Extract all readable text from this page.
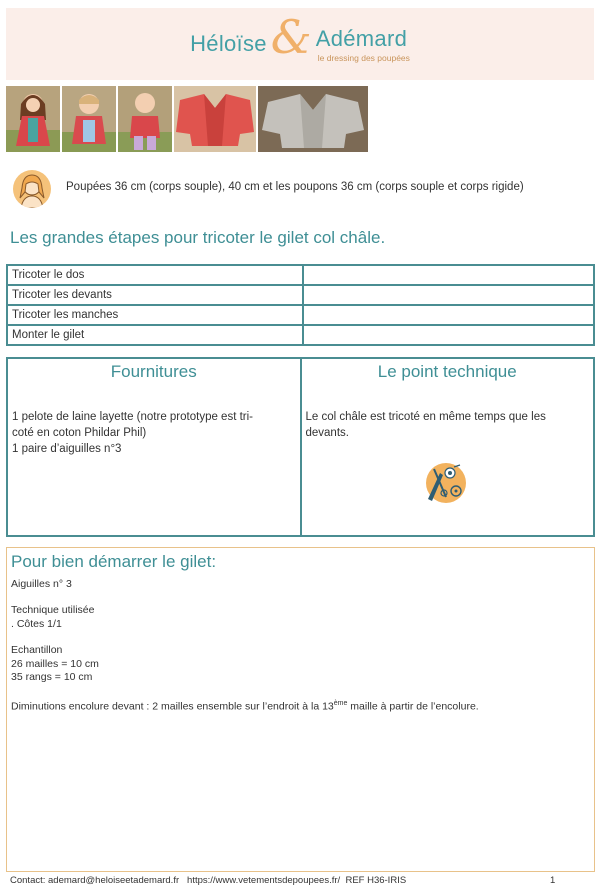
Héloïse & Adémard
le dressing des poupées
Poupées 36 cm (corps souple), 40 cm et les poupons 36 cm (corps souple et corps rigide)
Les grandes étapes pour tricoter le gilet col châle.
Tricoter le dos	
Tricoter les devants	
Tricoter les manches	
Monter le gilet	
Fournitures
1 pelote de laine layette (notre prototype est tri-
coté en coton Phildar Phil)
1 paire d’aiguilles n°3
Le point technique
Le col châle est tricoté en même temps que les
devants.
Pour bien démarrer le gilet:

Aiguilles n° 3

Technique utilisée

. Côtes 1/1

Echantillon

26 mailles = 10 cm

35 rangs = 10 cm

Diminutions encolure devant : 2 mailles ensemble sur l’endroit à la 13ème maille à partir de l’encolure.

Contact: ademard@heloiseetademard.fr   https://www.vetementsdepoupees.fr/  REF H36-IRIS	1
